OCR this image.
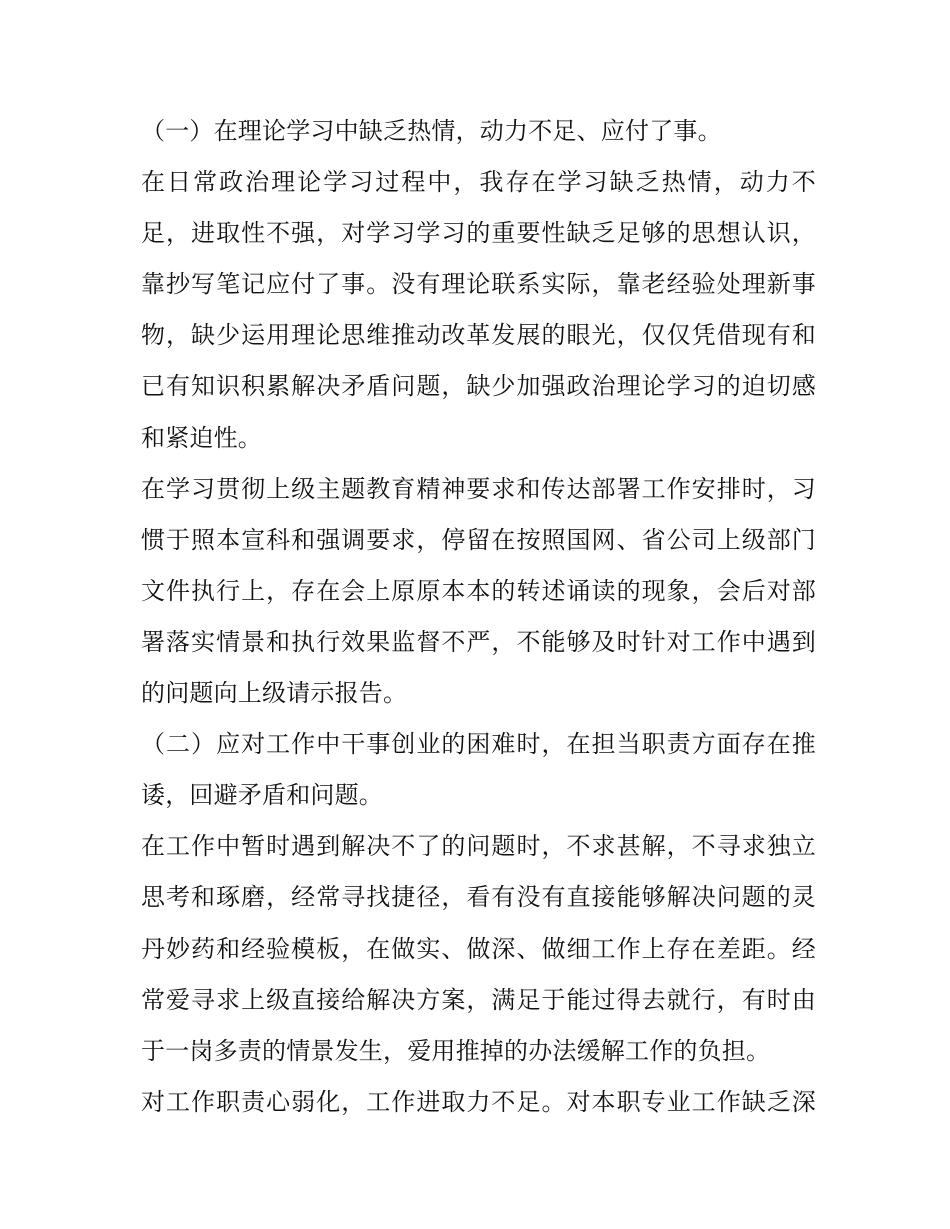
（一）在理论学习中缺乏热情，动力不足、应付了事。
在日常政治理论学习过程中，我存在学习缺乏热情，动力不
足，进取性不强，对学习学习的重要性缺乏足够的思想认识，
靠抄写笔记应付了事。没有理论联系实际，靠老经验处理新事
物，缺少运用理论思维推动改革发展的眼光，仅仅凭借现有和
已有知识积累解决矛盾问题，缺少加强政治理论学习的迫切感
和紧迫性。
在学习贯彻上级主题教育精神要求和传达部署工作安排时，习
惯于照本宣科和强调要求，停留在按照国网、省公司上级部门
文件执行上，存在会上原原本本的转述诵读的现象，会后对部
署落实情景和执行效果监督不严，不能够及时针对工作中遇到
的问题向上级请示报告。
（二）应对工作中干事创业的困难时，在担当职责方面存在推
诿，回避矛盾和问题。
在工作中暂时遇到解决不了的问题时，不求甚解，不寻求独立
思考和琢磨，经常寻找捷径，看有没有直接能够解决问题的灵
丹妙药和经验模板，在做实、做深、做细工作上存在差距。经
常爱寻求上级直接给解决方案，满足于能过得去就行，有时由
于一岗多责的情景发生，爱用推掉的办法缓解工作的负担。
对工作职责心弱化，工作进取力不足。对本职专业工作缺乏深
